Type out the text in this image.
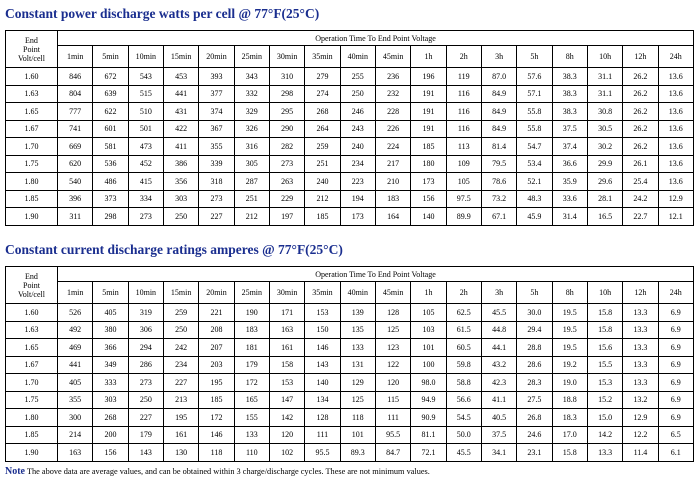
Constant power discharge watts per cell @ 77°F(25°C)
End
Point
Volt/cell	Operation Time To End Point Voltage																	
	1min	5min	10min	15min	20min	25min	30min	35min	40min	45min	1h	2h	3h	5h	8h	10h	12h	24h
1.60	846	672	543	453	393	343	310	279	255	236	196	119	87.0	57.6	38.3	31.1	26.2	13.6
1.63	804	639	515	441	377	332	298	274	250	232	191	116	84.9	57.1	38.3	31.1	26.2	13.6
1.65	777	622	510	431	374	329	295	268	246	228	191	116	84.9	55.8	38.3	30.8	26.2	13.6
1.67	741	601	501	422	367	326	290	264	243	226	191	116	84.9	55.8	37.5	30.5	26.2	13.6
1.70	669	581	473	411	355	316	282	259	240	224	185	113	81.4	54.7	37.4	30.2	26.2	13.6
1.75	620	536	452	386	339	305	273	251	234	217	180	109	79.5	53.4	36.6	29.9	26.1	13.6
1.80	540	486	415	356	318	287	263	240	223	210	173	105	78.6	52.1	35.9	29.6	25.4	13.6
1.85	396	373	334	303	273	251	229	212	194	183	156	97.5	73.2	48.3	33.6	28.1	24.2	12.9
1.90	311	298	273	250	227	212	197	185	173	164	140	89.9	67.1	45.9	31.4	16.5	22.7	12.1
Constant current discharge ratings amperes @ 77°F(25°C)
End
Point
Volt/cell	Operation Time To End Point Voltage																	
	1min	5min	10min	15min	20min	25min	30min	35min	40min	45min	1h	2h	3h	5h	8h	10h	12h	24h
1.60	526	405	319	259	221	190	171	153	139	128	105	62.5	45.5	30.0	19.5	15.8	13.3	6.9
1.63	492	380	306	250	208	183	163	150	135	125	103	61.5	44.8	29.4	19.5	15.8	13.3	6.9
1.65	469	366	294	242	207	181	161	146	133	123	101	60.5	44.1	28.8	19.5	15.6	13.3	6.9
1.67	441	349	286	234	203	179	158	143	131	122	100	59.8	43.2	28.6	19.2	15.5	13.3	6.9
1.70	405	333	273	227	195	172	153	140	129	120	98.0	58.8	42.3	28.3	19.0	15.3	13.3	6.9
1.75	355	303	250	213	185	165	147	134	125	115	94.9	56.6	41.1	27.5	18.8	15.2	13.2	6.9
1.80	300	268	227	195	172	155	142	128	118	111	90.9	54.5	40.5	26.8	18.3	15.0	12.9	6.9
1.85	214	200	179	161	146	133	120	111	101	95.5	81.1	50.0	37.5	24.6	17.0	14.2	12.2	6.5
1.90	163	156	143	130	118	110	102	95.5	89.3	84.7	72.1	45.5	34.1	23.1	15.8	13.3	11.4	6.1
Note The above data are average values, and can be obtained within 3 charge/discharge cycles. These are not minimum values.
